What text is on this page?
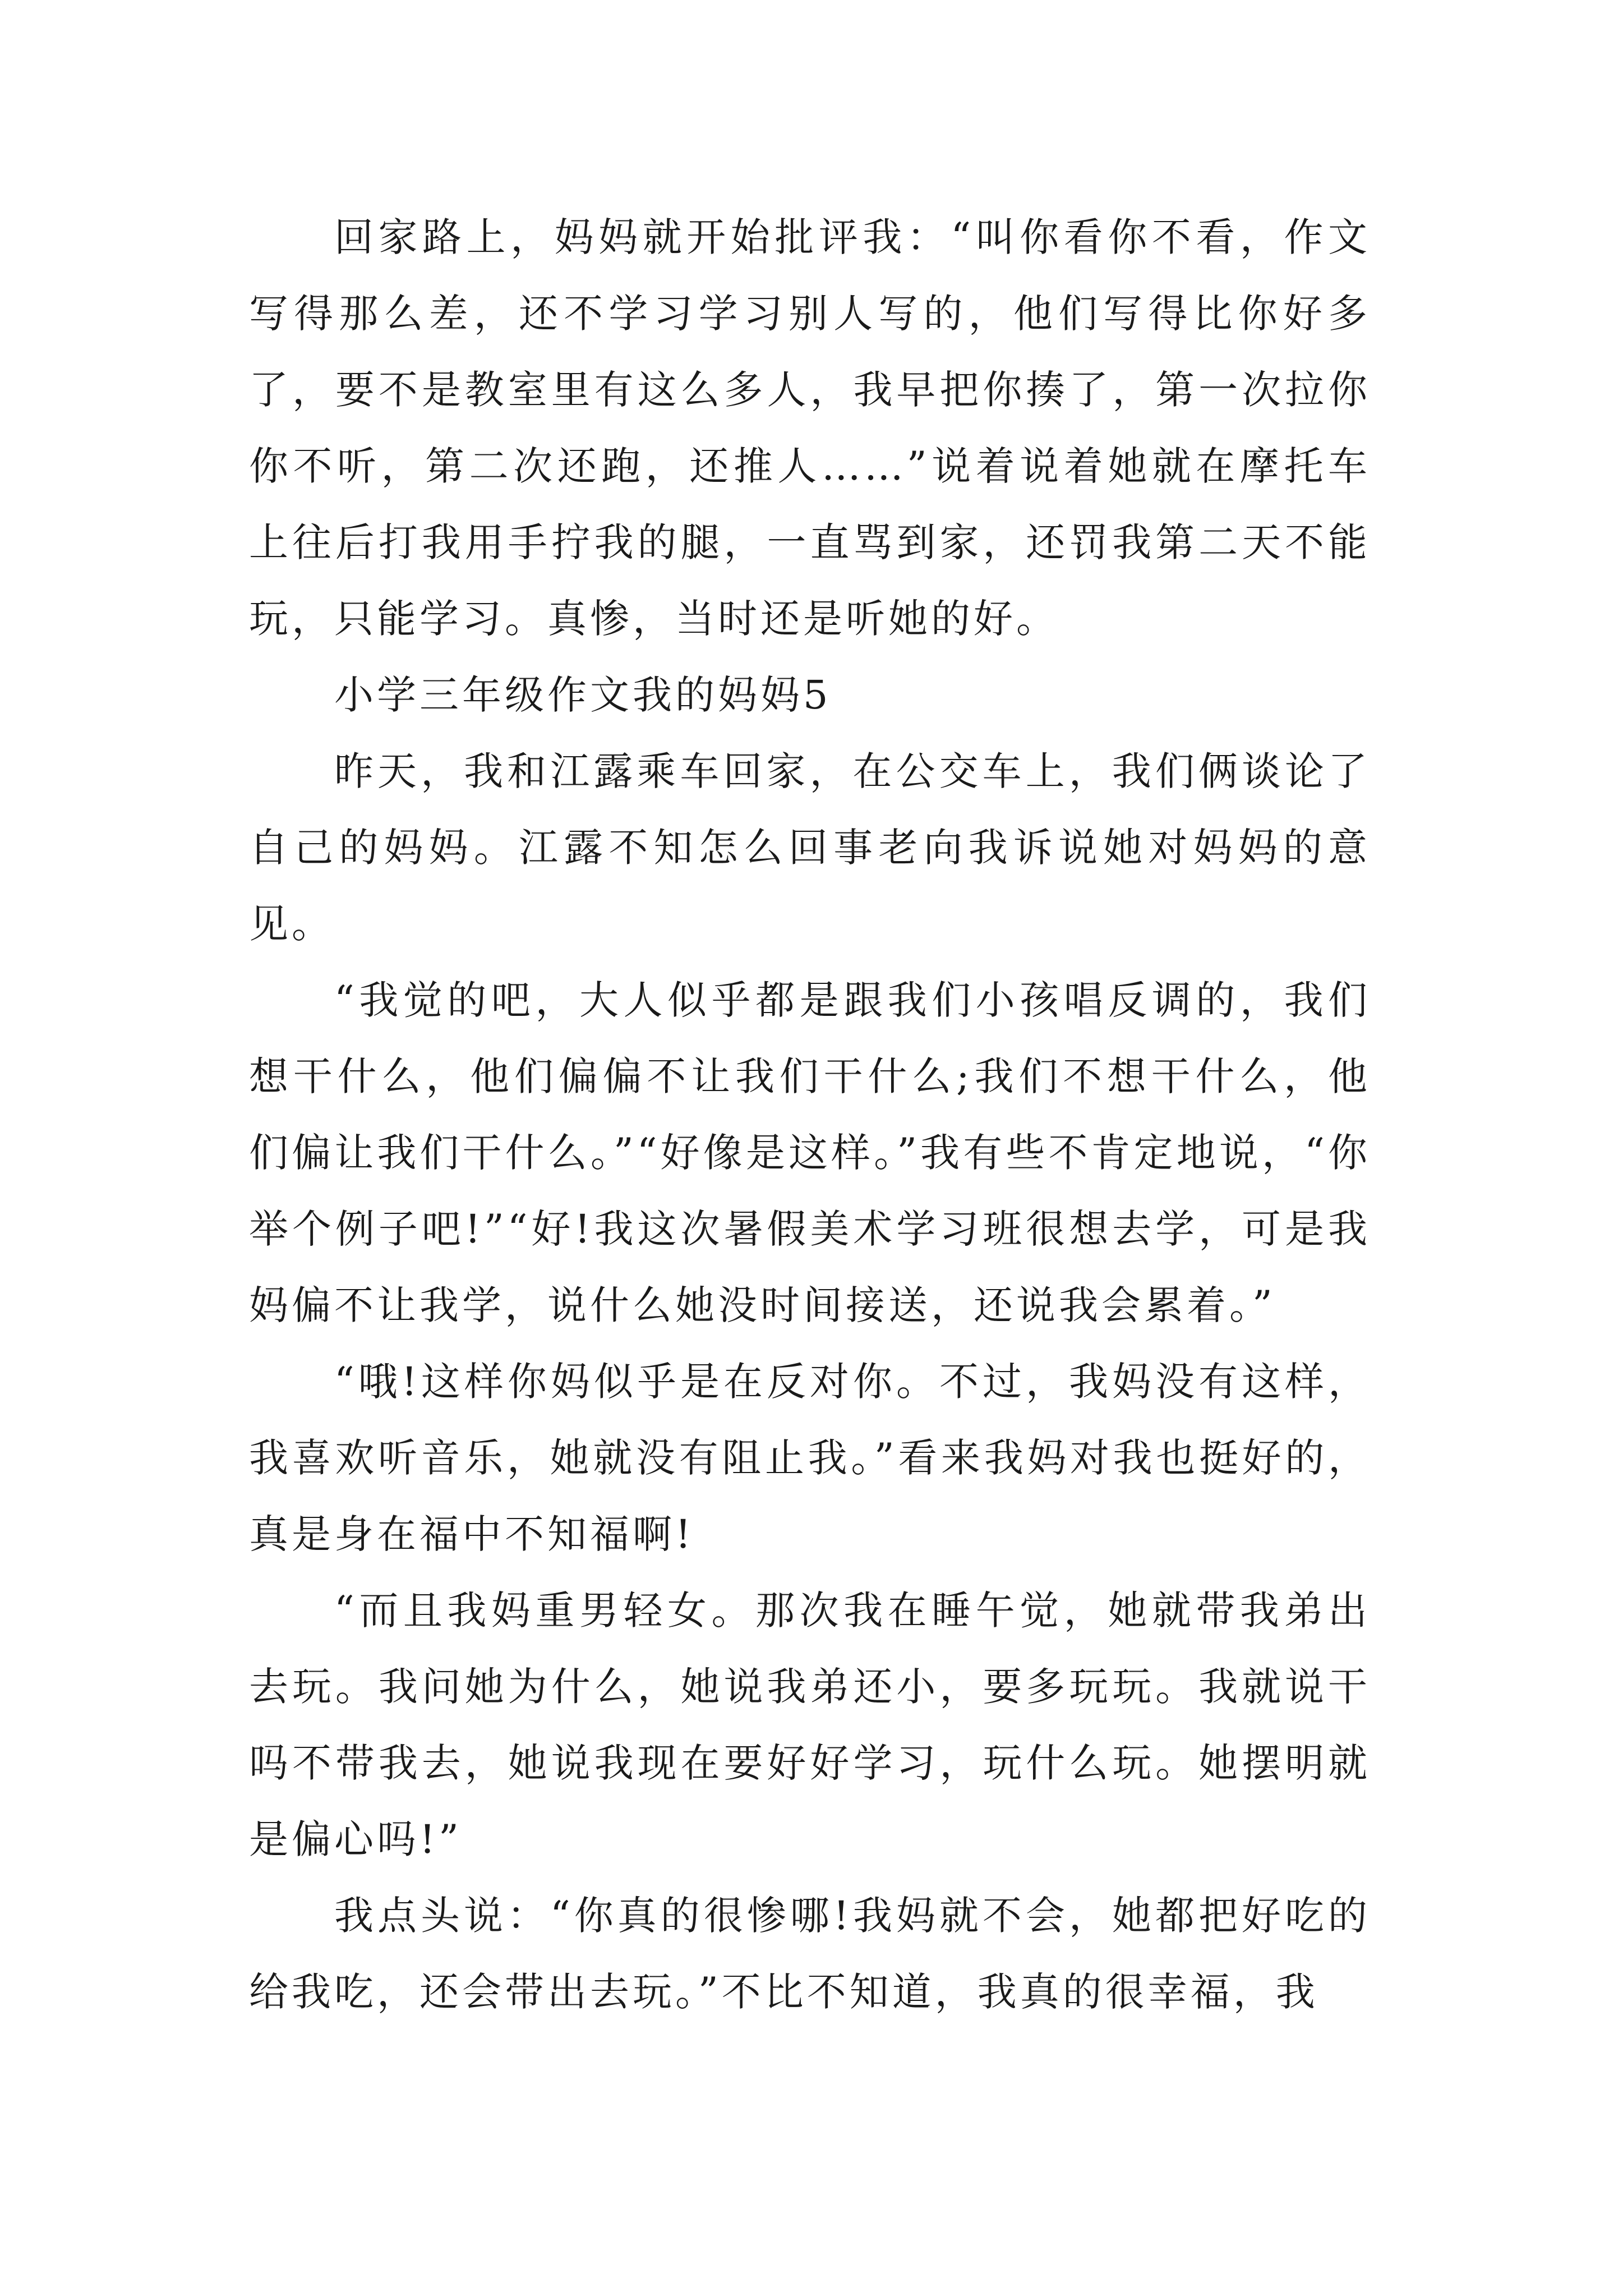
回家路上，妈妈就开始批评我：“叫你看你不看，作文写得那么差，还不学习学习别人写的，他们写得比你好多了，要不是教室里有这么多人，我早把你揍了，第一次拉你你不听，第二次还跑，还推人……”说着说着她就在摩托车上往后打我用手拧我的腿，一直骂到家，还罚我第二天不能玩，只能学习。真惨，当时还是听她的好。

小学三年级作文我的妈妈5

昨天，我和江露乘车回家，在公交车上，我们俩谈论了自己的妈妈。江露不知怎么回事老向我诉说她对妈妈的意见。

“我觉的吧，大人似乎都是跟我们小孩唱反调的，我们想干什么，他们偏偏不让我们干什么;我们不想干什么，他们偏让我们干什么。”“好像是这样。”我有些不肯定地说，“你举个例子吧!”“好!我这次暑假美术学习班很想去学，可是我妈偏不让我学，说什么她没时间接送，还说我会累着。”

“哦!这样你妈似乎是在反对你。不过，我妈没有这样，我喜欢听音乐，她就没有阻止我。”看来我妈对我也挺好的，真是身在福中不知福啊!

“而且我妈重男轻女。那次我在睡午觉，她就带我弟出去玩。我问她为什么，她说我弟还小，要多玩玩。我就说干吗不带我去，她说我现在要好好学习，玩什么玩。她摆明就是偏心吗!”

我点头说：“你真的很惨哪!我妈就不会，她都把好吃的给我吃，还会带出去玩。”不比不知道，我真的很幸福，我
